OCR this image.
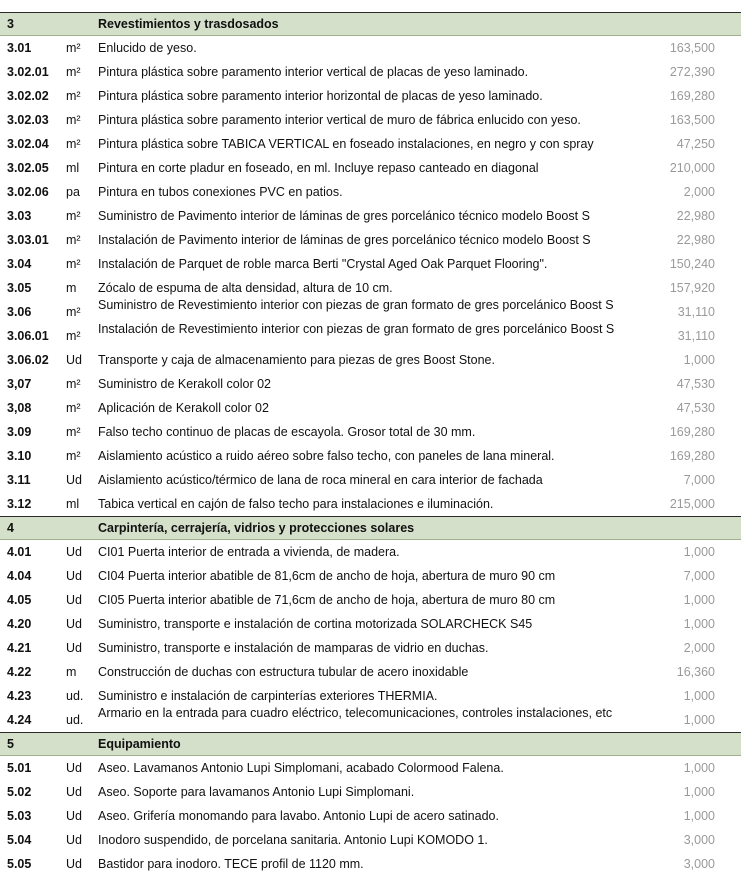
3	Revestimientos y trasdosados
3.01	m² Enlucido de yeso.	163,500
3.02.01 m² Pintura plástica sobre paramento interior vertical de placas de yeso laminado.	272,390
3.02.02 m² Pintura plástica sobre paramento interior horizontal de placas de yeso laminado.	169,280
3.02.03 m² Pintura plástica sobre paramento interior vertical de muro de fábrica enlucido con yeso.	163,500
3.02.04 m² Pintura plástica sobre TABICA VERTICAL en foseado instalaciones, en negro y con spray	47,250
3.02.05 ml Pintura en corte pladur en foseado, en ml. Incluye repaso canteado en diagonal	210,000
3.02.06 pa Pintura en tubos conexiones PVC en patios.	2,000
3.03	m² Suministro de Pavimento interior de láminas de gres porcelánico técnico modelo Boost S	22,980
3.03.01 m² Instalación de Pavimento interior de láminas de gres porcelánico técnico modelo Boost S	22,980
3.04	m² Instalación de Parquet de roble marca Berti "Crystal Aged Oak Parquet Flooring".	150,240
3.05	m Zócalo de espuma de alta densidad, altura de 10 cm.	157,920
3.06	m² Suministro de Revestimiento interior con piezas de gran formato de gres porcelánico Boost S	31,110
3.06.01 m² Instalación de Revestimiento interior con piezas de gran formato de gres porcelánico Boost S	31,110
3.06.02 Ud Transporte y caja de almacenamiento para piezas de gres Boost Stone.	1,000
3,07	m² Suministro de Kerakoll color 02	47,530
3,08	m² Aplicación de Kerakoll color 02	47,530
3.09	m² Falso techo continuo de placas de escayola. Grosor total de 30 mm.	169,280
3.10	m² Aislamiento acústico a ruido aéreo sobre falso techo, con paneles de lana mineral.	169,280
3.11	Ud Aislamiento acústico/térmico de lana de roca mineral en cara interior de fachada	7,000
3.12	ml Tabica vertical en cajón de falso techo para instalaciones e iluminación.	215,000
4	Carpintería, cerrajería, vidrios y protecciones solares
4.01	Ud CI01 Puerta interior de entrada a vivienda, de madera.	1,000
4.04	Ud CI04 Puerta interior abatible de 81,6cm de ancho de hoja, abertura de muro 90 cm	7,000
4.05	Ud CI05 Puerta interior abatible de 71,6cm de ancho de hoja, abertura de muro 80 cm	1,000
4.20	Ud Suministro, transporte e instalación de cortina motorizada SOLARCHECK S45	1,000
4.21	Ud Suministro, transporte e instalación de mamparas de vidrio en duchas.	2,000
4.22	m Construcción de duchas con estructura tubular de acero inoxidable	16,360
4.23	ud. Suministro e instalación de carpinterías exteriores THERMIA.	1,000
4.24	ud. Armario en la entrada para cuadro eléctrico, telecomunicaciones, controles instalaciones, etc	1,000
5	Equipamiento
5.01	Ud Aseo. Lavamanos Antonio Lupi Simplomani, acabado Colormood Falena.	1,000
5.02	Ud Aseo. Soporte para lavamanos Antonio Lupi Simplomani.	1,000
5.03	Ud Aseo. Grifería monomando para lavabo. Antonio Lupi de acero satinado.	1,000
5.04	Ud Inodoro suspendido, de porcelana sanitaria. Antonio Lupi KOMODO 1.	3,000
5.05	Ud Bastidor para inodoro. TECE profil de 1120 mm.	3,000
